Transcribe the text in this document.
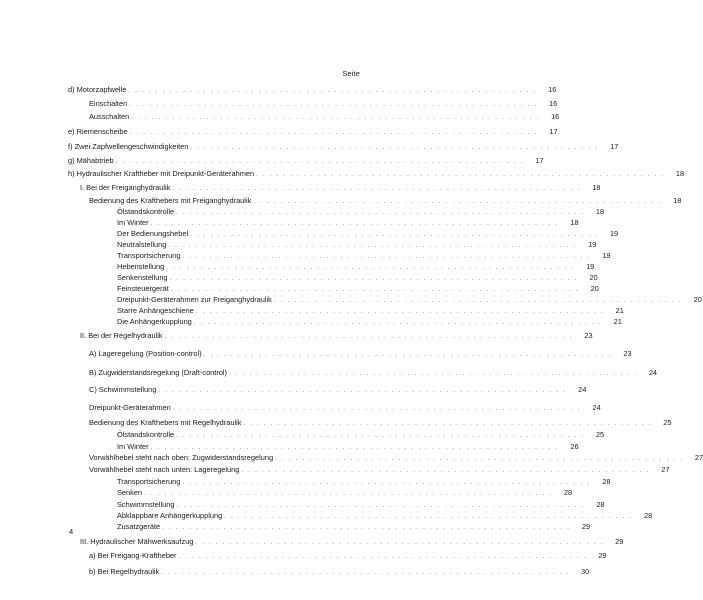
Seite
d) Motorzapfwelle ............................................................	16
Einschalten ............................................................	16
Ausschalten ............................................................	16
e) Riemenscheibe ............................................................	17
f) Zwei Zapfwellengeschwindigkeiten ............................................................	17
g) Mähabtrieb ............................................................	17
h) Hydraulischer Kraftheber mit Dreipunkt-Geräterahmen ............................................................	18
I. Bei der Freiganghydraulik ............................................................	18
Bedienung des Krafthebers mit Freiganghydraulik ............................................................	18
Ölstandskontrolle ............................................................	18
Im Winter ............................................................	18
Der Bedienungshebel ............................................................	19
Neutralstellung ............................................................	19
Transportsicherung ............................................................	19
Hebenstellung ............................................................	19
Senkenstellung ............................................................	20
Feinsteuergerät ............................................................	20
Dreipunkt-Geräterahmen zur Freiganghydraulik ............................................................	20
Starre Anhängeschiene ............................................................	21
Die Anhängerkupplung ............................................................	21
II. Bei der Regelhydraulik ............................................................	23
A) Lageregelung (Position-control) ............................................................	23
B) Zugwiderstandsregelung (Draft-control) ............................................................	24
C) Schwimmstellung ............................................................	24
Dreipunkt-Geräterahmen ............................................................	24
Bedienung des Krafthebers mit Regelhydraulik ............................................................	25
Ölstandskontrolle ............................................................	25
Im Winter ............................................................	26
Vorwählhebel steht nach oben: Zugwiderstandsregelung ............................................................	27
Vorwählhebel steht nach unten: Lageregelung ............................................................	27
Transportsicherung ............................................................	28
Senken ............................................................	28
Schwimmstellung ............................................................	28
Abklappbare Anhängerkupplung ............................................................	28
Zusatzgeräte ............................................................	29
III. Hydraulischer Mähwerksaufzug ............................................................	29
a) Bei Freigang-Kraftheber ............................................................	29
b) Bei Regelhydraulik ............................................................	30
4
